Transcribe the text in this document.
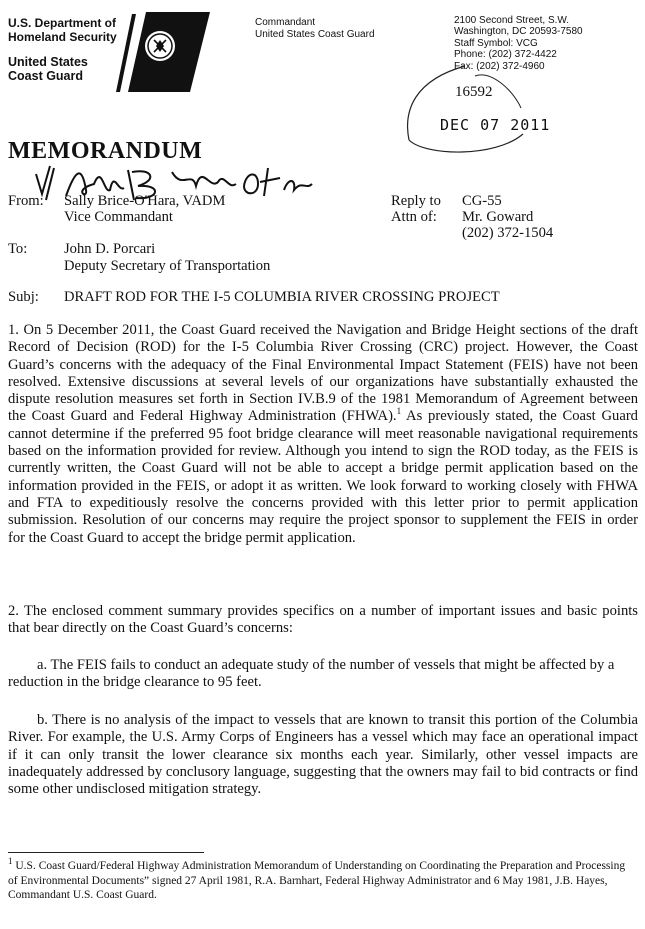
U.S. Department of
Homeland Security
United States
Coast Guard
Commandant
United States Coast Guard
2100 Second Street, S.W.
Washington, DC 20593-7580
Staff Symbol: VCG
Phone: (202) 372-4422
Fax: (202) 372-4960
16592
DEC 07 2011
MEMORANDUM
From: Sally Brice-O'Hara, VADM
Vice Commandant
Reply to
Attn of:
CG-55
Mr. Goward
(202) 372-1504
To:	John D. Porcari
Deputy Secretary of Transportation
Subj: DRAFT ROD FOR THE I-5 COLUMBIA RIVER CROSSING PROJECT
1. On 5 December 2011, the Coast Guard received the Navigation and Bridge Height sections of the draft Record of Decision (ROD) for the I-5 Columbia River Crossing (CRC) project. However, the Coast Guard’s concerns with the adequacy of the Final Environmental Impact Statement (FEIS) have not been resolved. Extensive discussions at several levels of our organizations have substantially exhausted the dispute resolution measures set forth in Section IV.B.9 of the 1981 Memorandum of Agreement between the Coast Guard and Federal Highway Administration (FHWA).$^1$ As previously stated, the Coast Guard cannot determine if the preferred 95 foot bridge clearance will meet reasonable navigational requirements based on the information provided for review. Although you intend to sign the ROD today, as the FEIS is currently written, the Coast Guard will not be able to accept a bridge permit application based on the information provided in the FEIS, or adopt it as written. We look forward to working closely with FHWA and FTA to expeditiously resolve the concerns provided with this letter prior to permit application submission. Resolution of our concerns may require the project sponsor to supplement the FEIS in order for the Coast Guard to accept the bridge permit application.
2. The enclosed comment summary provides specifics on a number of important issues and basic points that bear directly on the Coast Guard’s concerns:
a. The FEIS fails to conduct an adequate study of the number of vessels that might be affected by a reduction in the bridge clearance to 95 feet.
b. There is no analysis of the impact to vessels that are known to transit this portion of the Columbia River. For example, the U.S. Army Corps of Engineers has a vessel which may face an operational impact if it can only transit the lower clearance six months each year. Similarly, other vessel impacts are inadequately addressed by conclusory language, suggesting that the owners may fail to bid contracts or find some other undisclosed mitigation strategy.
$^1$ U.S. Coast Guard/Federal Highway Administration Memorandum of Understanding on Coordinating the Preparation and Processing of Environmental Documents” signed 27 April 1981, R.A. Barnhart, Federal Highway Administrator and 6 May 1981, J.B. Hayes, Commandant U.S. Coast Guard.
